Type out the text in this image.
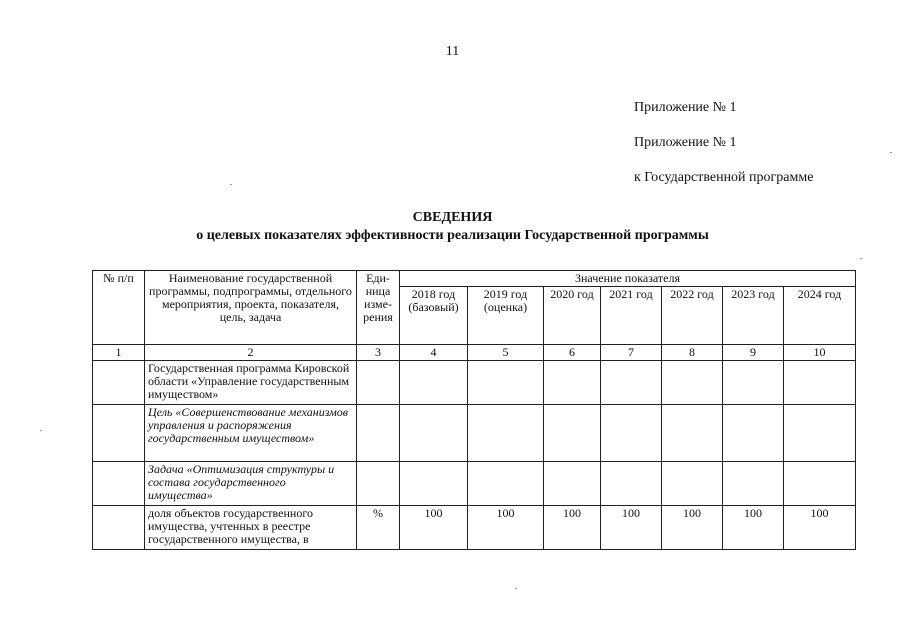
11
Приложение № 1
Приложение № 1
к Государственной программе
СВЕДЕНИЯ
о целевых показателях эффективности реализации Государственной программы
№ п/п	Наименование государственной программы, подпрограммы, отдельного мероприятия, проекта, показателя, цель, задача	Еди-ница изме-рения	Значение показателя						
			2018 год (базовый)	2019 год (оценка)	2020 год	2021 год	2022 год	2023 год	2024 год
1	2	3	4	5	6	7	8	9	10
	Государственная программа Кировской области «Управление государственным имуществом»								
	Цель «Совершенствование механизмов управления и распоряжения государственным имуществом»								
	Задача «Оптимизация структуры и состава государственного имущества»								
	доля объектов государственного имущества, учтенных в реестре государственного имущества, в	%	100	100	100	100	100	100	100
